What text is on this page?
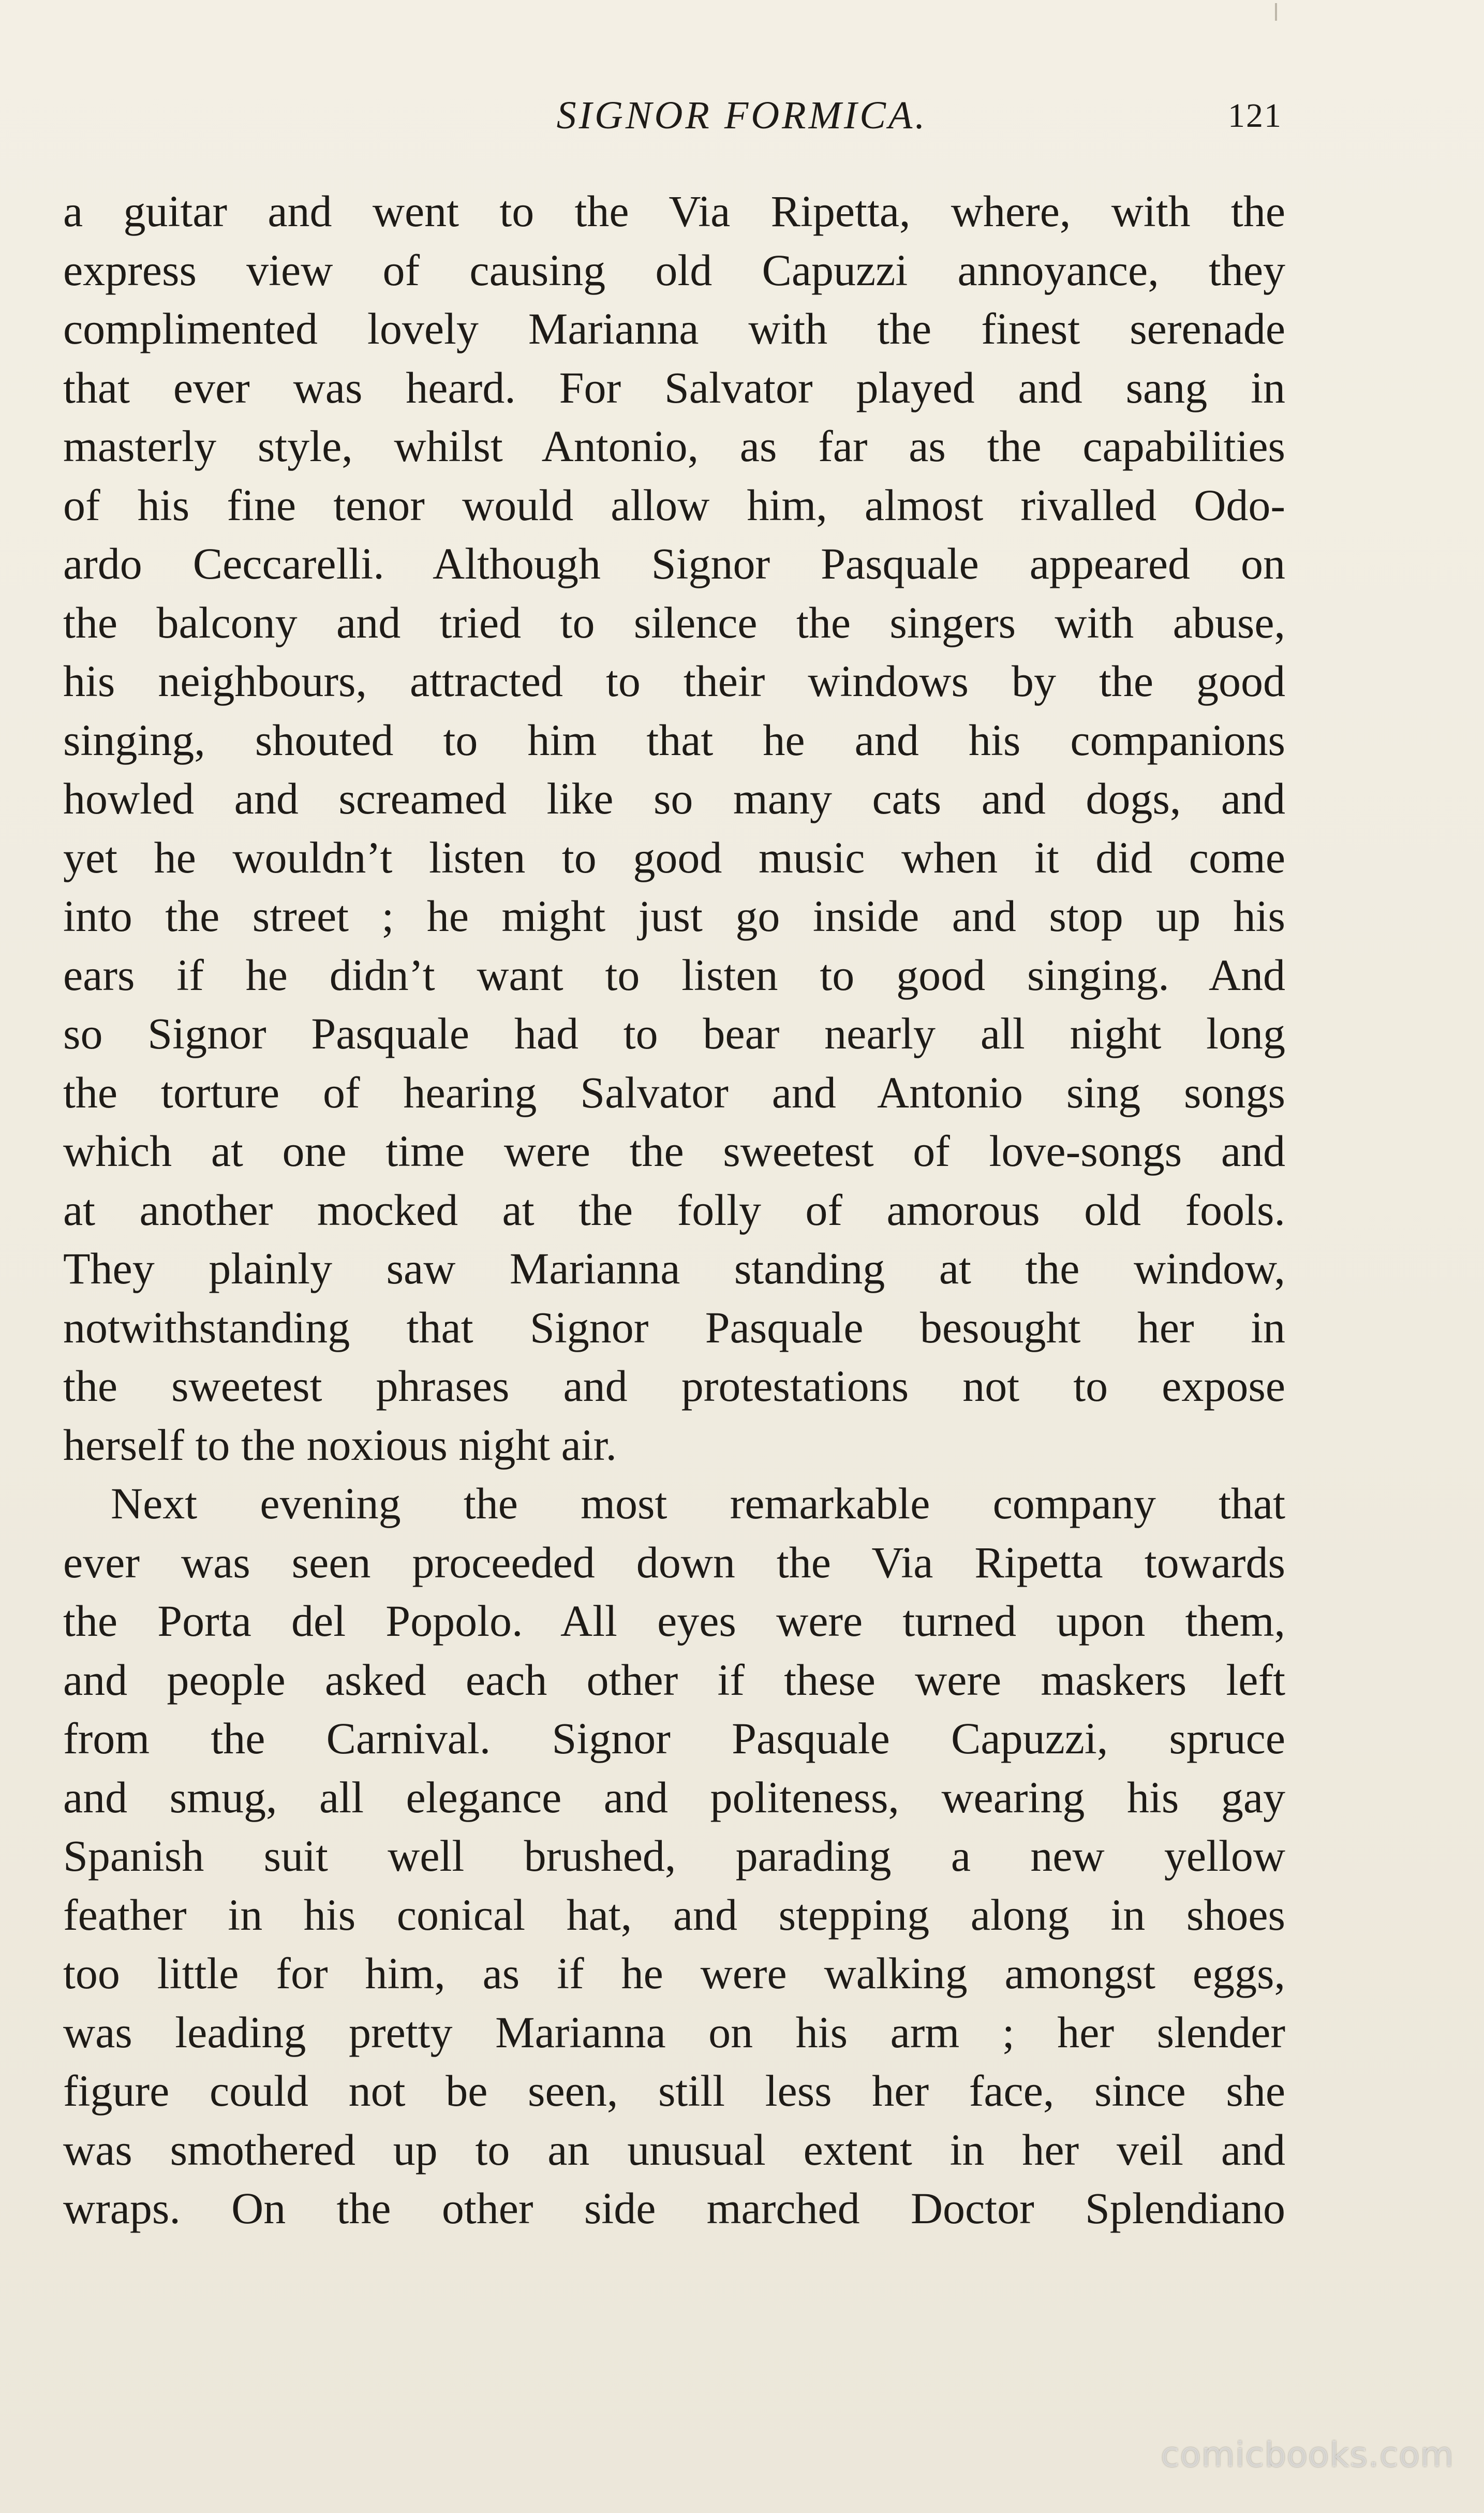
SIGNOR FORMICA.	121
a guitar and went to the Via Ripetta, where, with the
express view of causing old Capuzzi annoyance, they
complimented lovely Marianna with the finest serenade
that ever was heard. For Salvator played and sang in
masterly style, whilst Antonio, as far as the capabilities
of his fine tenor would allow him, almost rivalled Odo-
ardo Ceccarelli. Although Signor Pasquale appeared on
the balcony and tried to silence the singers with abuse,
his neighbours, attracted to their windows by the good
singing, shouted to him that he and his companions
howled and screamed like so many cats and dogs, and
yet he wouldn’t listen to good music when it did come
into the street ; he might just go inside and stop up his
ears if he didn’t want to listen to good singing. And
so Signor Pasquale had to bear nearly all night long
the torture of hearing Salvator and Antonio sing songs
which at one time were the sweetest of love-songs and
at another mocked at the folly of amorous old fools.
They plainly saw Marianna standing at the window,
notwithstanding that Signor Pasquale besought her in
the sweetest phrases and protestations not to expose
herself to the noxious night air.
Next evening the most remarkable company that
ever was seen proceeded down the Via Ripetta towards
the Porta del Popolo. All eyes were turned upon them,
and people asked each other if these were maskers left
from the Carnival. Signor Pasquale Capuzzi, spruce
and smug, all elegance and politeness, wearing his gay
Spanish suit well brushed, parading a new yellow
feather in his conical hat, and stepping along in shoes
too little for him, as if he were walking amongst eggs,
was leading pretty Marianna on his arm ; her slender
figure could not be seen, still less her face, since she
was smothered up to an unusual extent in her veil and
wraps. On the other side marched Doctor Splendiano
comicbooks.com
